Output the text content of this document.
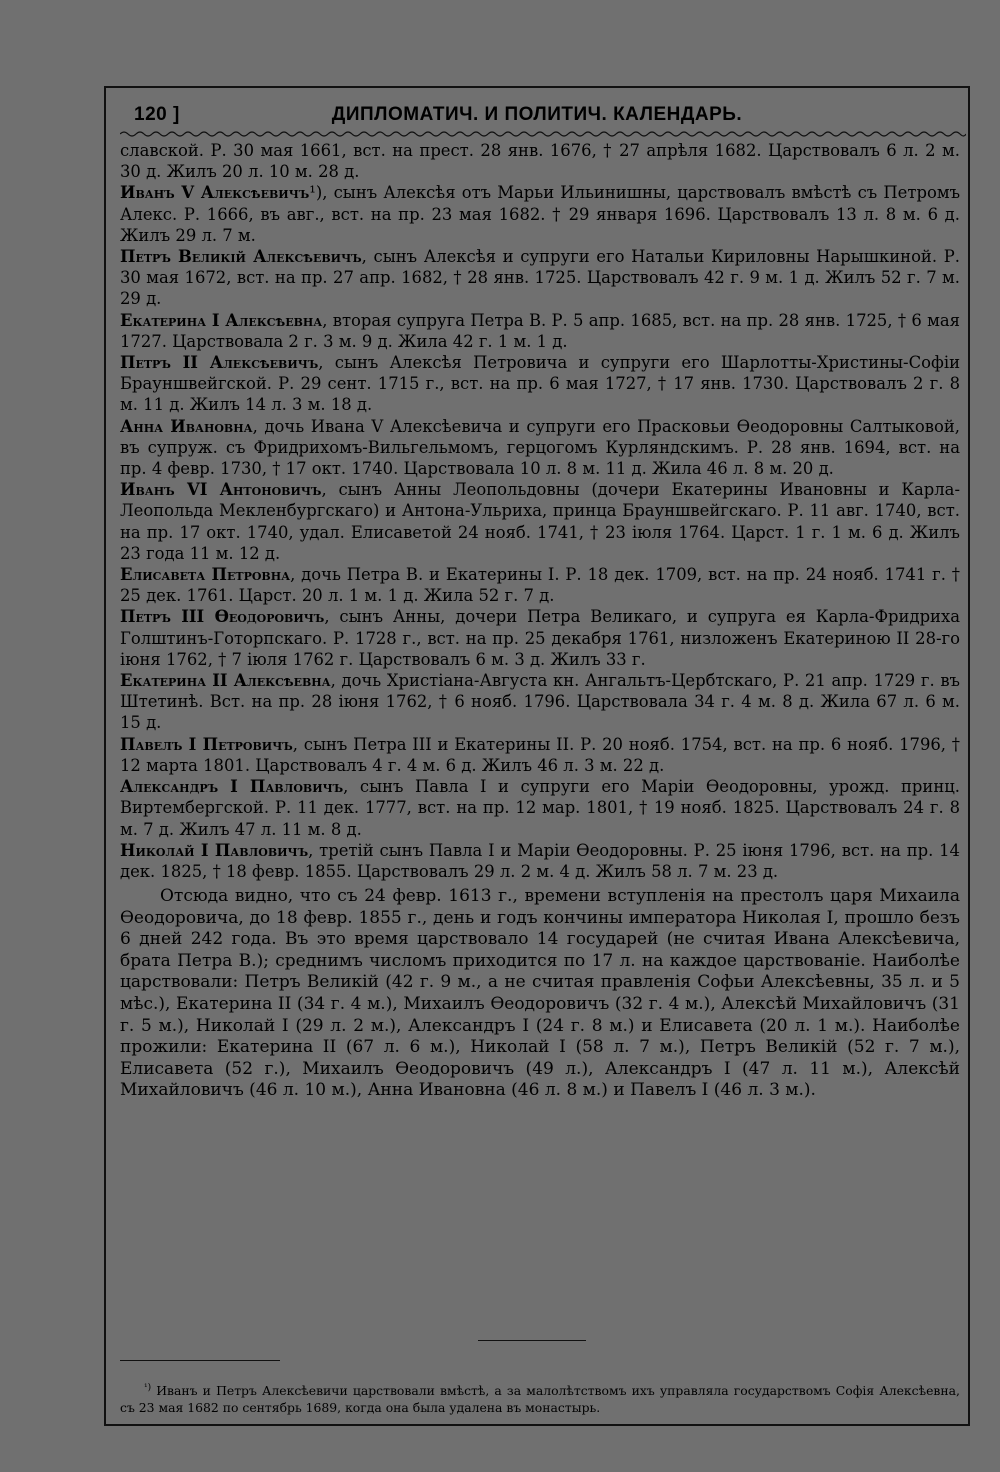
120 ]	ДИПЛОМАТИЧ. И ПОЛИТИЧ. КАЛЕНДАРЬ.

славской. Р. 30 мая 1661, вст. на прест. 28 янв. 1676, † 27 апрѣля 1682. Царствовалъ 6 л. 2 м. 30 д. Жилъ 20 л. 10 м. 28 д.

Иванъ V Алексѣевичъ¹), сынъ Алексѣя отъ Марьи Ильинишны, царствовалъ вмѣстѣ съ Петромъ Алекс. Р. 1666, въ авг., вст. на пр. 23 мая 1682. † 29 января 1696. Царствовалъ 13 л. 8 м. 6 д. Жилъ 29 л. 7 м.

Петръ Великій Алексѣевичъ, сынъ Алексѣя и супруги его Натальи Кириловны Нарышкиной. Р. 30 мая 1672, вст. на пр. 27 апр. 1682, † 28 янв. 1725. Царствовалъ 42 г. 9 м. 1 д. Жилъ 52 г. 7 м. 29 д.

Екатерина I Алексѣевна, вторая супруга Петра В. Р. 5 апр. 1685, вст. на пр. 28 янв. 1725, † 6 мая 1727. Царствовала 2 г. 3 м. 9 д. Жила 42 г. 1 м. 1 д.

Петръ II Алексѣевичъ, сынъ Алексѣя Петровича и супруги его Шарлотты-Христины-Софіи Брауншвейгской. Р. 29 сент. 1715 г., вст. на пр. 6 мая 1727, † 17 янв. 1730. Царствовалъ 2 г. 8 м. 11 д. Жилъ 14 л. 3 м. 18 д.

Анна Ивановна, дочь Ивана V Алексѣевича и супруги его Прасковьи Ѳеодоровны Салтыковой, въ супруж. съ Фридрихомъ-Вильгельмомъ, герцогомъ Курляндскимъ. Р. 28 янв. 1694, вст. на пр. 4 февр. 1730, † 17 окт. 1740. Царствовала 10 л. 8 м. 11 д. Жила 46 л. 8 м. 20 д.

Иванъ VI Антоновичъ, сынъ Анны Леопольдовны (дочери Екатерины Ивановны и Карла-Леопольда Мекленбургскаго) и Антона-Ульриха, принца Брауншвейгскаго. Р. 11 авг. 1740, вст. на пр. 17 окт. 1740, удал. Елисаветой 24 нояб. 1741, † 23 іюля 1764. Царст. 1 г. 1 м. 6 д. Жилъ 23 года 11 м. 12 д.

Елисавета Петровна, дочь Петра В. и Екатерины I. Р. 18 дек. 1709, вст. на пр. 24 нояб. 1741 г. † 25 дек. 1761. Царст. 20 л. 1 м. 1 д. Жила 52 г. 7 д.

Петръ III Ѳеодоровичъ, сынъ Анны, дочери Петра Великаго, и супруга ея Карла-Фридриха Голштинъ-Готорпскаго. Р. 1728 г., вст. на пр. 25 декабря 1761, низложенъ Екатериною II 28-го іюня 1762, † 7 іюля 1762 г. Царствовалъ 6 м. 3 д. Жилъ 33 г.

Екатерина II Алексѣевна, дочь Христіана-Августа кн. Ангальтъ-Цербтскаго, Р. 21 апр. 1729 г. въ Штетинѣ. Вст. на пр. 28 іюня 1762, † 6 нояб. 1796. Царствовала 34 г. 4 м. 8 д. Жила 67 л. 6 м. 15 д.

Павелъ I Петровичъ, сынъ Петра III и Екатерины II. Р. 20 нояб. 1754, вст. на пр. 6 нояб. 1796, † 12 марта 1801. Царствовалъ 4 г. 4 м. 6 д. Жилъ 46 л. 3 м. 22 д.

Александръ I Павловичъ, сынъ Павла I и супруги его Маріи Ѳеодоровны, урожд. принц. Виртембергской. Р. 11 дек. 1777, вст. на пр. 12 мар. 1801, † 19 нояб. 1825. Царствовалъ 24 г. 8 м. 7 д. Жилъ 47 л. 11 м. 8 д.

Николай I Павловичъ, третій сынъ Павла I и Маріи Ѳеодоровны. Р. 25 іюня 1796, вст. на пр. 14 дек. 1825, † 18 февр. 1855. Царствовалъ 29 л. 2 м. 4 д. Жилъ 58 л. 7 м. 23 д.

Отсюда видно, что съ 24 февр. 1613 г., времени вступленія на престолъ царя Михаила Ѳеодоровича, до 18 февр. 1855 г., день и годъ кончины императора Николая I, прошло безъ 6 дней 242 года. Въ это время царствовало 14 государей (не считая Ивана Алексѣевича, брата Петра В.); среднимъ числомъ приходится по 17 л. на каждое царствованіе. Наиболѣе царствовали: Петръ Великій (42 г. 9 м., а не считая правленія Софьи Алексѣевны, 35 л. и 5 мѣс.), Екатерина II (34 г. 4 м.), Михаилъ Ѳеодоровичъ (32 г. 4 м.), Алексѣй Михайловичъ (31 г. 5 м.), Николай I (29 л. 2 м.), Александръ I (24 г. 8 м.) и Елисавета (20 л. 1 м.). Наиболѣе прожили: Екатерина II (67 л. 6 м.), Николай I (58 л. 7 м.), Петръ Великій (52 г. 7 м.), Елисавета (52 г.), Михаилъ Ѳеодоровичъ (49 л.), Александръ I (47 л. 11 м.), Алексѣй Михайловичъ (46 л. 10 м.), Анна Ивановна (46 л. 8 м.) и Павелъ I (46 л. 3 м.).

$^{^1)}$ Иванъ и Петръ Алексѣевичи царствовали вмѣстѣ, а за малолѣтствомъ ихъ управляла государствомъ Софія Алексѣевна, съ 23 мая 1682 по сентябрь 1689, когда она была удалена въ монастырь.
